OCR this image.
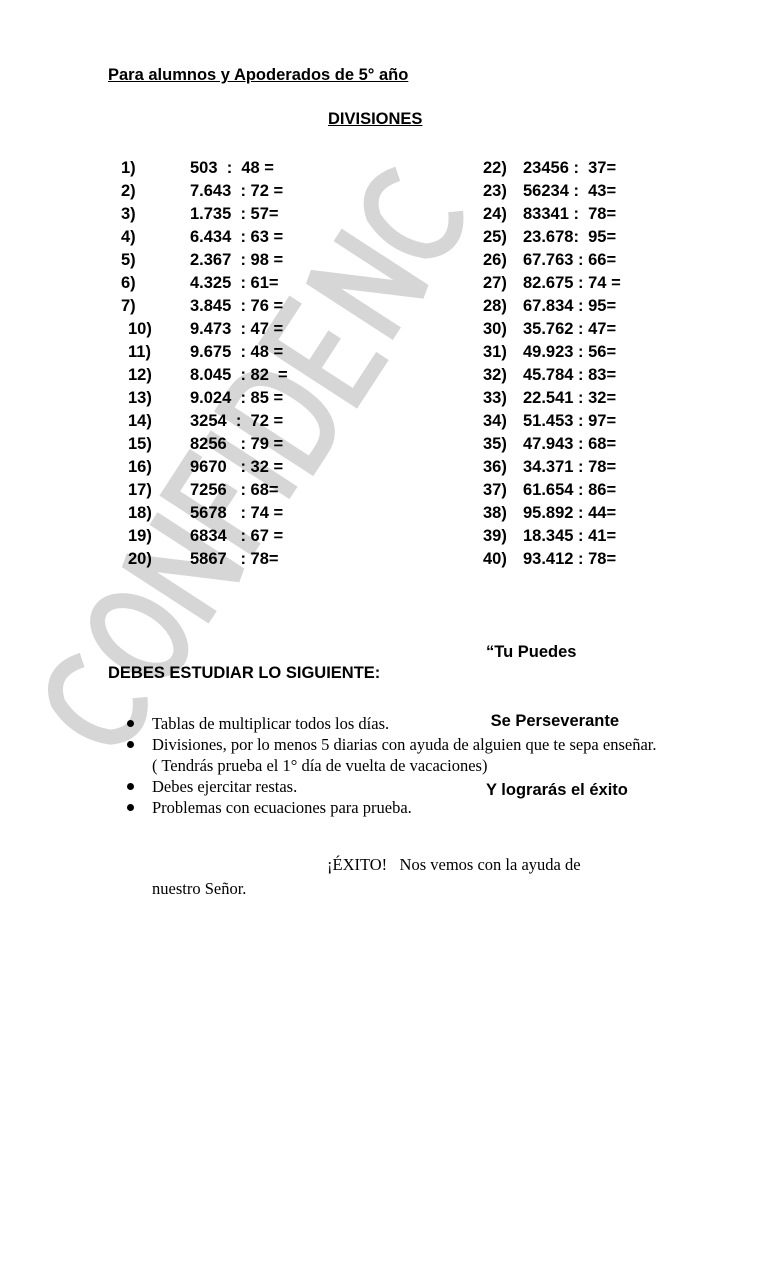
Para alumnos y Apoderados de 5° año
DIVISIONES
1)	503  :  48 =
2)	7.643  : 72 =
3)	1.735  : 57=
4)	6.434  : 63 =
5)	2.367  : 98 =
6)	4.325  : 61=
7)	3.845  : 76 =
10) 9.473  : 47 =
11) 9.675  : 48 =
12) 8.045  : 82  =
13) 9.024  : 85 =
14) 3254  :  72 =
15) 8256   : 79 =
16) 9670   : 32 =
17) 7256   : 68=
18) 5678   : 74 =
19) 6834   : 67 =
20) 5867   : 78=
22) 23456 :  37=
23) 56234 :  43=
24) 83341 :  78=
25) 23.678:  95=
26) 67.763 : 66=
27) 82.675 : 74 =
28) 67.834 : 95=
30) 35.762 : 47=
31) 49.923 : 56=
32) 45.784 : 83=
33) 22.541 : 32=
34) 51.453 : 97=
35) 47.943 : 68=
36) 34.371 : 78=
37) 61.654 : 86=
38) 95.892 : 44=
39) 18.345 : 41=
40) 93.412 : 78=

“Tu Puedes

Se Perseverante

Y lograrás el éxito

DEBES ESTUDIAR LO SIGUIENTE:
Tablas de multiplicar todos los días.
Divisiones, por lo menos 5 diarias con ayuda de alguien que te sepa enseñar.
( Tendrás prueba el 1° día de vuelta de vacaciones)
Debes ejercitar restas.
Problemas con ecuaciones para prueba.
¡ÉXITO!   Nos vemos con la ayuda de
nuestro Señor.
